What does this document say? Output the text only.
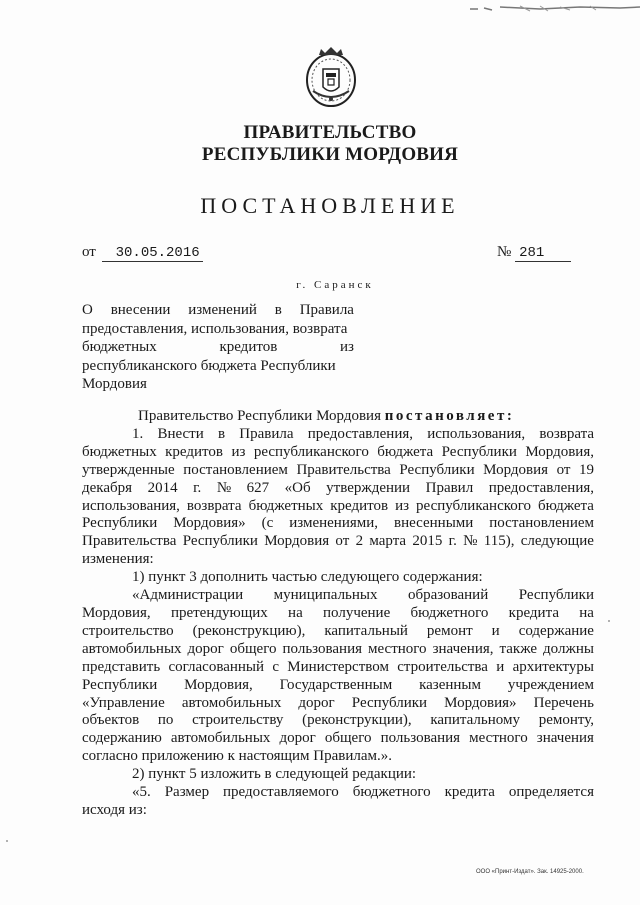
ПРАВИТЕЛЬСТВО
РЕСПУБЛИКИ МОРДОВИЯ
ПОСТАНОВЛЕНИЕ
от 30.05.2016	№ 281
г. Саранск
О внесении изменений в Правила
предоставления, использования, возврата
бюджетных	кредитов	из
республиканского бюджета Республики
Мордовия
Правительство Республики Мордовия постановляет:
1. Внести в Правила предоставления, использования, возврата
бюджетных кредитов из республиканского бюджета Республики Мордовия,
утвержденные постановлением Правительства Республики Мордовия от 19
декабря 2014 г. № 627 «Об утверждении Правил предоставления,
использования, возврата бюджетных кредитов из республиканского бюджета
Республики Мордовия» (с изменениями, внесенными постановлением
Правительства Республики Мордовия от 2 марта 2015 г. № 115), следующие
изменения:
1) пункт 3 дополнить частью следующего содержания:
«Администрации муниципальных образований Республики
Мордовия, претендующих на получение бюджетного кредита на
строительство (реконструкцию), капитальный ремонт и содержание
автомобильных дорог общего пользования местного значения, также должны
представить согласованный с Министерством строительства и архитектуры
Республики Мордовия, Государственным казенным учреждением
«Управление автомобильных дорог Республики Мордовия» Перечень
объектов по строительству (реконструкции), капитальному ремонту,
содержанию автомобильных дорог общего пользования местного значения
согласно приложению к настоящим Правилам.».
2) пункт 5 изложить в следующей редакции:
«5. Размер предоставляемого бюджетного кредита определяется
исходя из:
ООО «Принт-Издат». Зак. 14925-2000.
